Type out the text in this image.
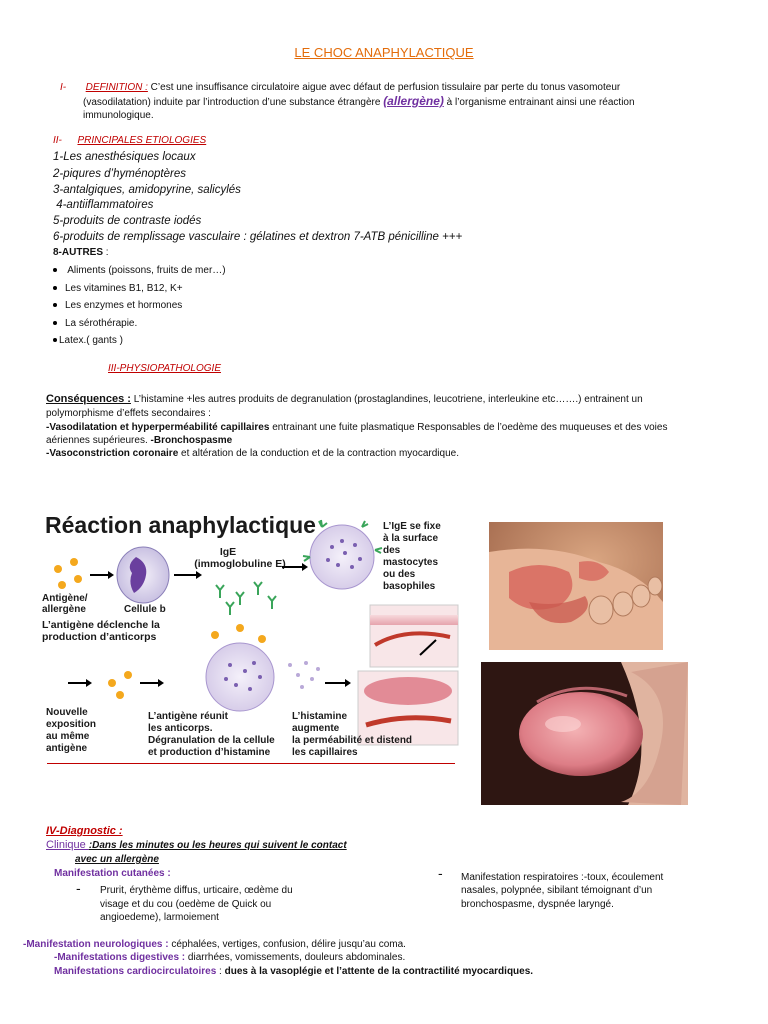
LE CHOC ANAPHYLACTIQUE
I- DEFINITION : C’est une insuffisance circulatoire aigue avec défaut de perfusion tissulaire par perte du tonus vasomoteur
(vasodilatation) induite par l’introduction d’une substance étrangère (allergène) à l’organisme entrainant ainsi une réaction
immunologique.
II- PRINCIPALES ETIOLOGIES
1-Les anesthésiques locaux
2-piqures d’hyménoptères
3-antalgiques, amidopyrine, salicylés
4-antiiflammatoires
5-produits de contraste iodés
6-produits de remplissage vasculaire : gélatines et dextron 7-ATB pénicilline +++
8-AUTRES :
Aliments (poissons, fruits de mer…)
Les vitamines B1, B12, K+
Les enzymes et hormones
La sérothérapie.
Latex.( gants )
III-PHYSIOPATHOLOGIE
Conséquences : L’histamine +les autres produits de degranulation (prostaglandines, leucotriene, interleukine etc…….) entrainent un
polymorphisme d’effets secondaires :
-Vasodilatation et hyperperméabilité capillaires entrainant une fuite plasmatique Responsables de l’oedème des muqueuses et des voies
aériennes supérieures. -Bronchospasme
-Vasoconstriction coronaire et altération de la conduction et de la contraction myocardique.
Réaction anaphylactique
IgE
(immoglobuline E)
L’IgE se fixe
à la surface
des
mastocytes
ou des
basophiles
Antigène/
allergène	Cellule b
L’antigène déclenche la
production d’anticorps
Nouvelle
exposition
au même
antigène
L’antigène réunit
les anticorps.
Dégranulation de la cellule
et production d’histamine
L’histamine
augmente
la perméabilité et distend
les capillaires
IV-Diagnostic :
Clinique :Dans les minutes ou les heures qui suivent le contact
avec un allergène
Manifestation cutanées :
- Prurit, érythème diffus, urticaire, œdème du
visage et du cou (oedème de Quick ou
angioedeme), larmoiement
- Manifestation respiratoires :-toux, écoulement
nasales, polypnée, sibilant témoignant d’un
bronchospasme, dyspnée laryngé.
-Manifestation neurologiques : céphalées, vertiges, confusion, délire jusqu’au coma.
-Manifestations digestives : diarrhées, vomissements, douleurs abdominales.
Manifestations cardiocirculatoires : dues à la vasoplégie et l’attente de la contractilité myocardiques.
